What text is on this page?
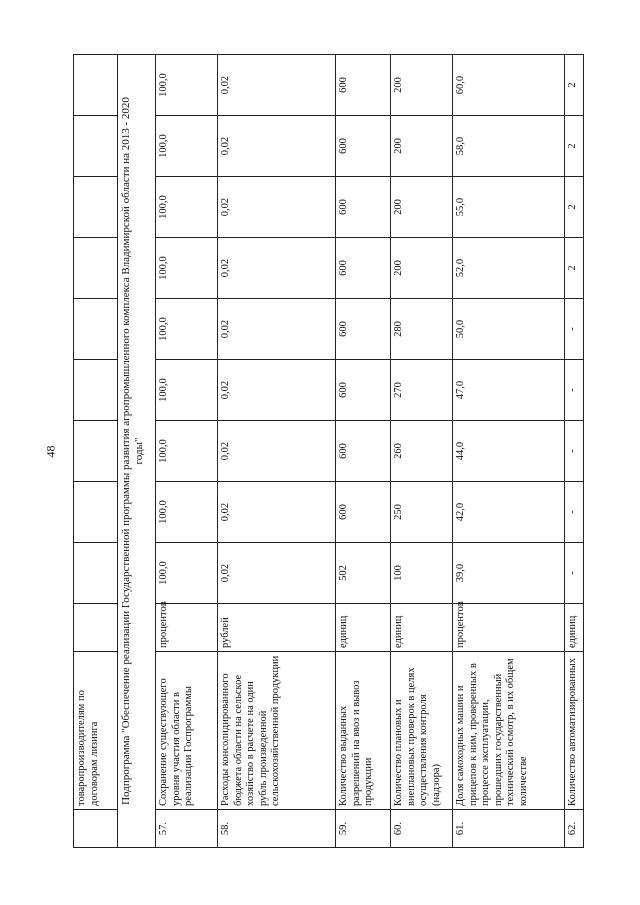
48
	товаропроизводителям по договорам лизинга										
Подпрограмма "Обеспечение реализации Государственной программы развития агропромышленного комплекса Владимирской области на 2013 - 2020 годы"											
57.	Сохранение существующего уровня участия области в реализации Госпрограммы	процентов	100,0	100,0	100,0	100,0	100,0	100,0	100,0	100,0	100,0
58.	Расходы консолидированного бюджета области на сельское хозяйство в расчете на один рубль произведенной сельскохозяйственной продукции	рублей	0,02	0,02	0,02	0,02	0,02	0,02	0,02	0,02	0,02
59.	Количество выданных разрешений на ввоз и вывоз продукции	единиц	502	600	600	600	600	600	600	600	600
60.	Количество плановых и внеплановых проверок в целях осуществления контроля (надзора)	единиц	100	250	260	270	280	200	200	200	200
61.	Доля самоходных машин и прицепов к ним, проверенных в процессе эксплуатации, прошедших государственный технический осмотр, в их общем количестве	процентов	39,0	42,0	44,0	47,0	50,0	52,0	55,0	58,0	60,0
62.	Количество автоматизированных	единиц	-	-	-	-	-	2	2	2	2
